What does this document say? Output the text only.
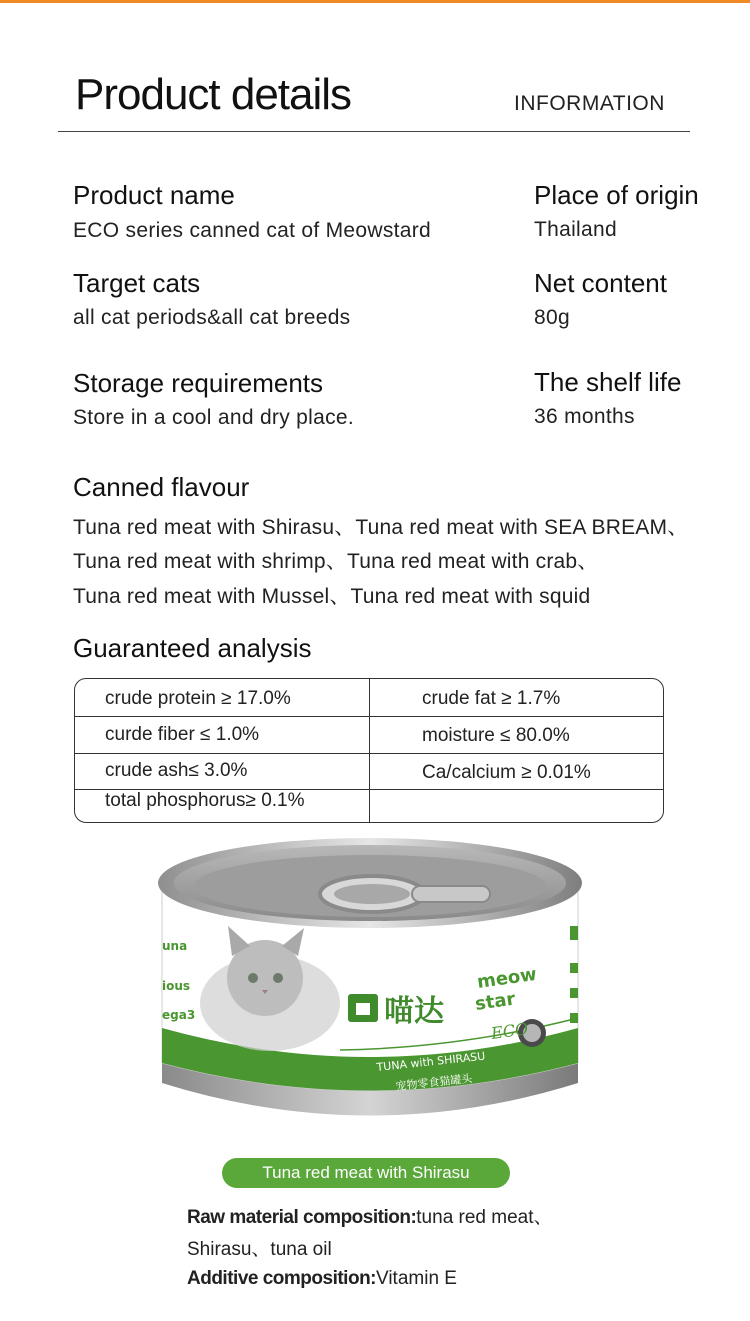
Product details	INFORMATION
Product name
ECO series canned cat of Meowstard
Place of origin
Thailand
Target cats
all cat periods&all cat breeds
Net content
80g
Storage requirements
Store in a cool and dry place.
The shelf life
36 months
Canned flavour
Tuna red meat with Shirasu、Tuna red meat with SEA BREAM、
Tuna red meat with shrimp、Tuna red meat with crab、
Tuna red meat with Mussel、Tuna red meat with squid
Guaranteed analysis
crude protein ≥ 17.0%	crude fat ≥ 1.7%
curde fiber ≤ 1.0%	moisture ≤ 80.0%
crude ash≤ 3.0%	Ca/calcium ≥ 0.01%
total phosphorus≥ 0.1%
喵达
meow
star
ECO
TUNA with SHIRASU
宠物零食猫罐头
una
ious
ega3
Tuna red meat with Shirasu
Raw material composition:tuna red meat、
Shirasu、tuna oil
Additive composition:Vitamin E
